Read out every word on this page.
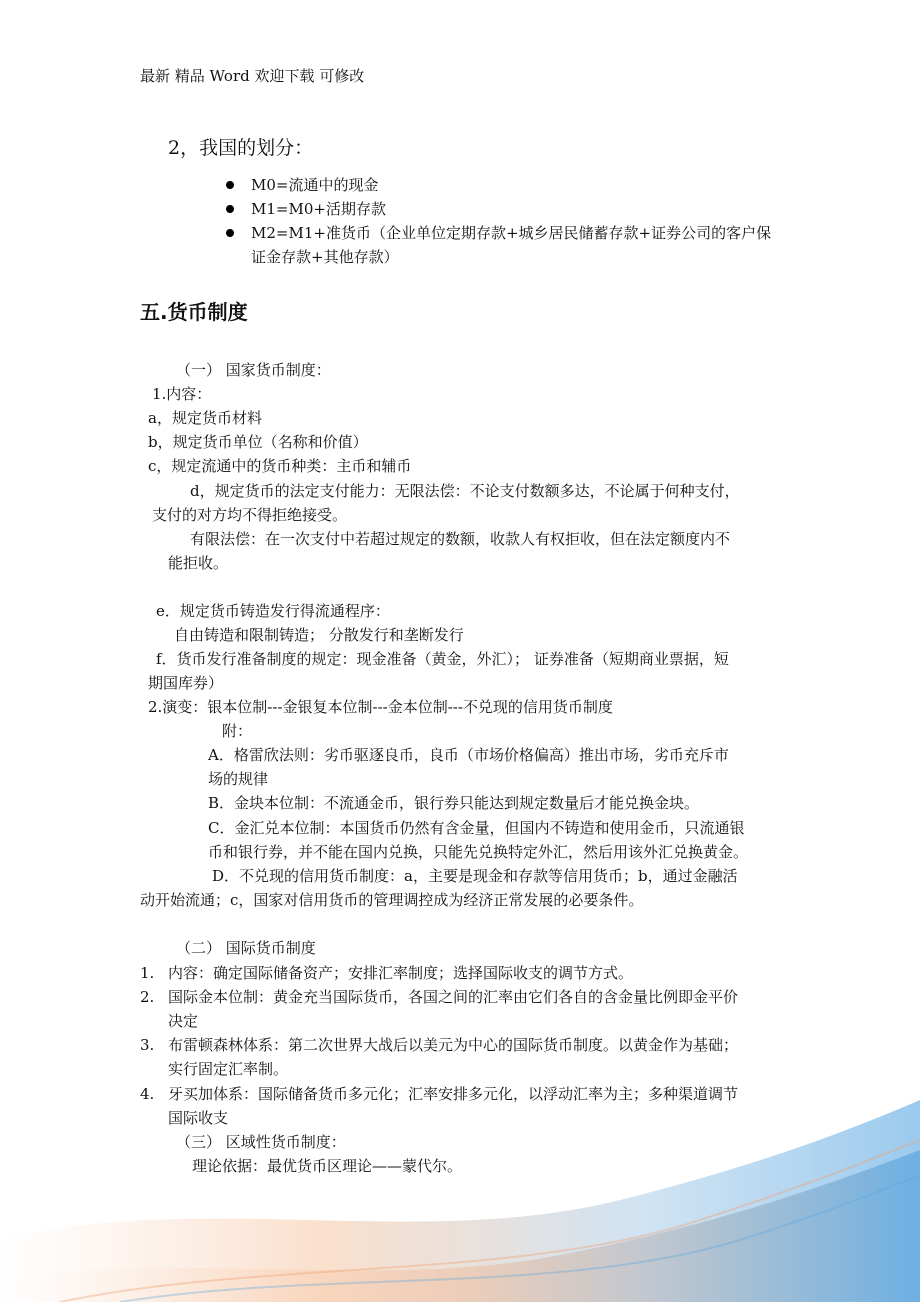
最新 精品 Word 欢迎下载 可修改
2，我国的划分：
M0=流通中的现金
M1=M0+活期存款
M2=M1+准货币（企业单位定期存款+城乡居民储蓄存款+证券公司的客户保
证金存款+其他存款）
五.货币制度
（一） 国家货币制度：
1.内容：
a，规定货币材料
b，规定货币单位（名称和价值）
c，规定流通中的货币种类：主币和辅币
d，规定货币的法定支付能力：无限法偿：不论支付数额多达，不论属于何种支付，
支付的对方均不得拒绝接受。
有限法偿：在一次支付中若超过规定的数额，收款人有权拒收，但在法定额度内不
能拒收。
e．规定货币铸造发行得流通程序：
自由铸造和限制铸造； 分散发行和垄断发行
f．货币发行准备制度的规定：现金准备（黄金，外汇）； 证券准备（短期商业票据，短
期国库券）
2.演变：银本位制---金银复本位制---金本位制---不兑现的信用货币制度
附：
A．格雷欣法则：劣币驱逐良币，良币（市场价格偏高）推出市场，劣币充斥市
场的规律
B．金块本位制：不流通金币，银行券只能达到规定数量后才能兑换金块。
C．金汇兑本位制：本国货币仍然有含金量，但国内不铸造和使用金币，只流通银
币和银行券，并不能在国内兑换，只能先兑换特定外汇，然后用该外汇兑换黄金。
D．不兑现的信用货币制度：a，主要是现金和存款等信用货币；b，通过金融活
动开始流通；c，国家对信用货币的管理调控成为经济正常发展的必要条件。
（二） 国际货币制度
1. 内容：确定国际储备资产；安排汇率制度；选择国际收支的调节方式。
2. 国际金本位制：黄金充当国际货币，各国之间的汇率由它们各自的含金量比例即金平价
决定
3. 布雷顿森林体系：第二次世界大战后以美元为中心的国际货币制度。以黄金作为基础；
实行固定汇率制。
4. 牙买加体系：国际储备货币多元化；汇率安排多元化，以浮动汇率为主；多种渠道调节
国际收支
（三） 区域性货币制度：
理论依据：最优货币区理论——蒙代尔。
